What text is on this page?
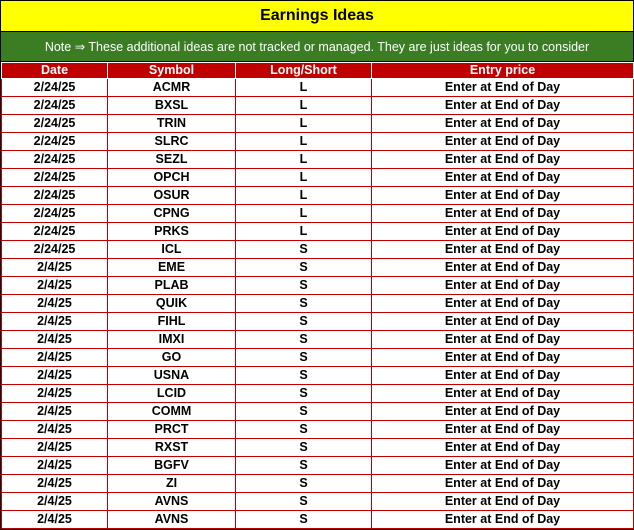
Earnings Ideas
Note ⇒ These additional ideas are not tracked or managed. They are just ideas for you to consider
Date	Symbol	Long/Short	Entry price
2/24/25	ACMR	L	Enter at End of Day
2/24/25	BXSL	L	Enter at End of Day
2/24/25	TRIN	L	Enter at End of Day
2/24/25	SLRC	L	Enter at End of Day
2/24/25	SEZL	L	Enter at End of Day
2/24/25	OPCH	L	Enter at End of Day
2/24/25	OSUR	L	Enter at End of Day
2/24/25	CPNG	L	Enter at End of Day
2/24/25	PRKS	L	Enter at End of Day
2/24/25	ICL	S	Enter at End of Day
2/4/25	EME	S	Enter at End of Day
2/4/25	PLAB	S	Enter at End of Day
2/4/25	QUIK	S	Enter at End of Day
2/4/25	FIHL	S	Enter at End of Day
2/4/25	IMXI	S	Enter at End of Day
2/4/25	GO	S	Enter at End of Day
2/4/25	USNA	S	Enter at End of Day
2/4/25	LCID	S	Enter at End of Day
2/4/25	COMM	S	Enter at End of Day
2/4/25	PRCT	S	Enter at End of Day
2/4/25	RXST	S	Enter at End of Day
2/4/25	BGFV	S	Enter at End of Day
2/4/25	ZI	S	Enter at End of Day
2/4/25	AVNS	S	Enter at End of Day
2/4/25	AVNS	S	Enter at End of Day
